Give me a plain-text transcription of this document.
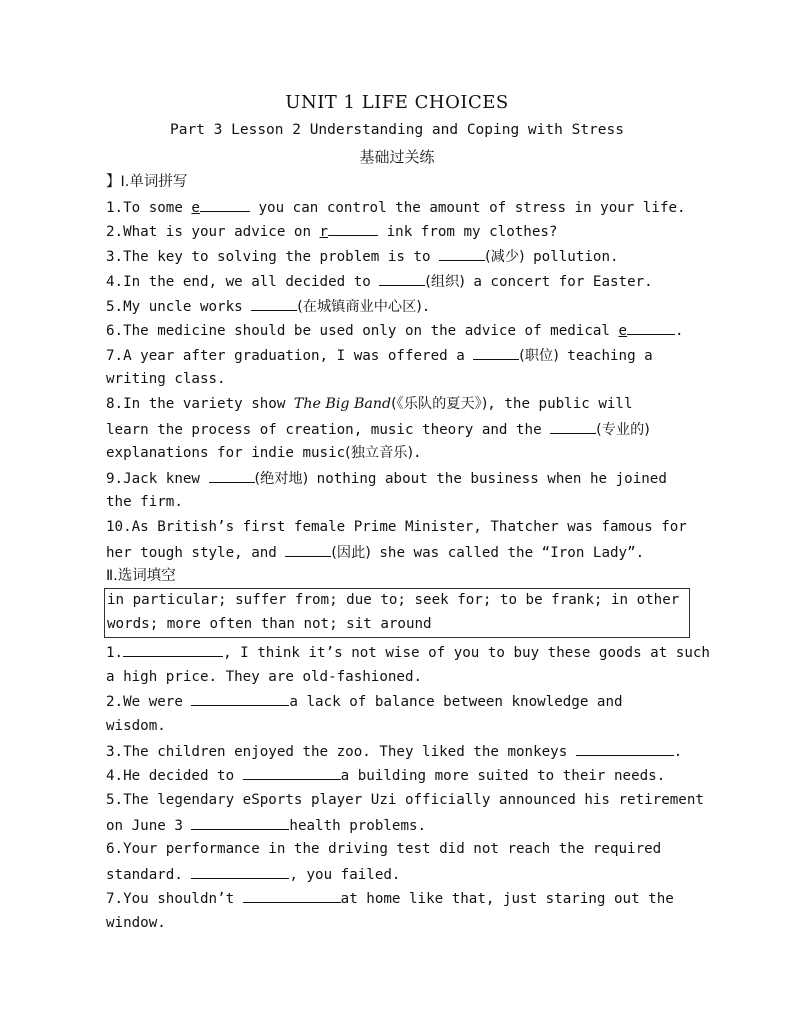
UNIT 1 LIFE CHOICES
Part 3 Lesson 2 Understanding and Coping with Stress
基础过关练
】Ⅰ.单词拼写
1.To some e	you can control the amount of stress in your life.
2.What is your advice on r	ink from my clothes?
3.The key to solving the problem is to	(减少) pollution.
4.In the end, we all decided to	(组织) a concert for Easter.
5.My uncle works	(在城镇商业中心区).
6.The medicine should be used only on the advice of medical e	.
7.A year after graduation, I was offered a	(职位) teaching a
writing class.
8.In the variety show The Big Band(《乐队的夏天》), the public will
learn the process of creation, music theory and the	(专业的)
explanations for indie music(独立音乐).
9.Jack knew	(绝对地) nothing about the business when he joined
the firm.
10.As British’s first female Prime Minister, Thatcher was famous for
her tough style, and	(因此) she was called the “Iron Lady”.
Ⅱ.选词填空
in particular; suffer from; due to; seek for; to be frank; in other
words; more often than not; sit around
1.	, I think it’s not wise of you to buy these goods at such
a high price. They are old-fashioned.
2.We were	a lack of balance between knowledge and
wisdom.
3.The children enjoyed the zoo. They liked the monkeys	.
4.He decided to	a building more suited to their needs.
5.The legendary eSports player Uzi officially announced his retirement
on June 3	health problems.
6.Your performance in the driving test did not reach the required
standard.	, you failed.
7.You shouldn’t	at home like that, just staring out the
window.
